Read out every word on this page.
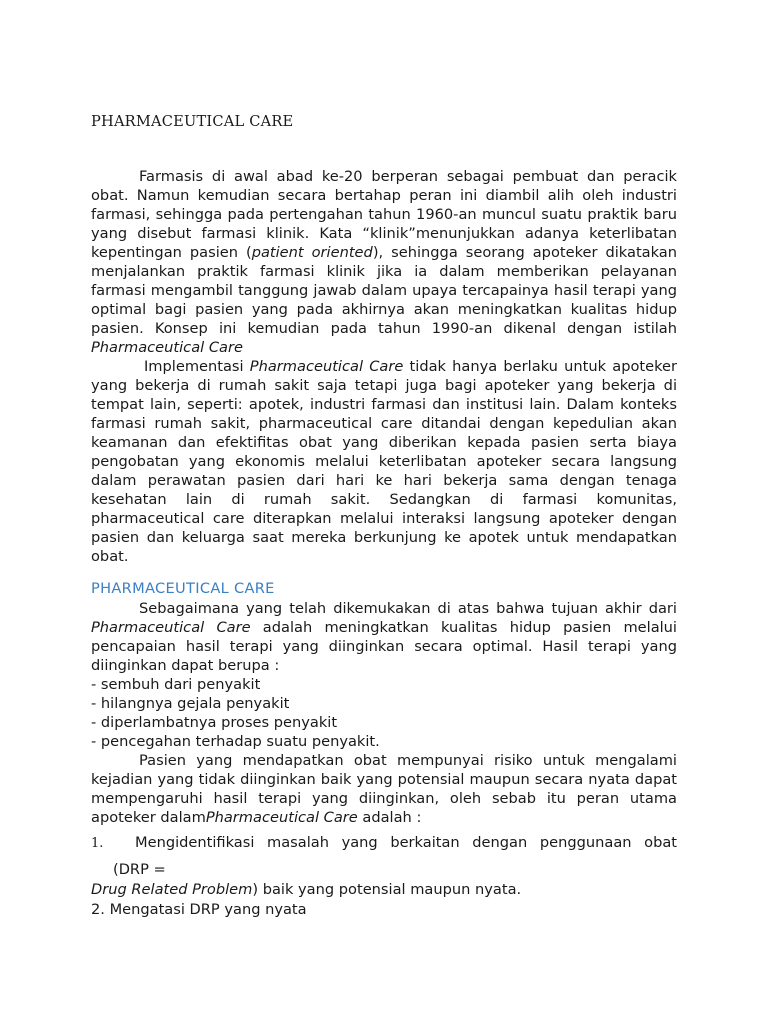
PHARMACEUTICAL CARE

Farmasis di awal abad ke-20 berperan sebagai pembuat dan peracik obat. Namun kemudian secara bertahap peran ini diambil alih oleh industri farmasi, sehingga pada pertengahan tahun 1960-an muncul suatu praktik baru yang disebut farmasi klinik. Kata “klinik”menunjukkan adanya keterlibatan kepentingan pasien (patient oriented), sehingga seorang apoteker dikatakan menjalankan praktik farmasi klinik jika ia dalam memberikan pelayanan farmasi mengambil tanggung jawab dalam upaya tercapainya hasil terapi yang optimal bagi pasien yang pada akhirnya akan meningkatkan kualitas hidup pasien. Konsep ini kemudian pada tahun 1990-an dikenal dengan istilah Pharmaceutical Care

Implementasi Pharmaceutical Care tidak hanya berlaku untuk apoteker yang bekerja di rumah sakit saja tetapi juga bagi apoteker yang bekerja di tempat lain, seperti: apotek, industri farmasi dan institusi lain. Dalam konteks farmasi rumah sakit, pharmaceutical care ditandai dengan kepedulian akan keamanan dan efektifitas obat yang diberikan kepada pasien serta biaya pengobatan yang ekonomis melalui keterlibatan apoteker secara langsung dalam perawatan pasien dari hari ke hari bekerja sama dengan tenaga kesehatan lain di rumah sakit. Sedangkan di farmasi komunitas, pharmaceutical care diterapkan melalui interaksi langsung apoteker dengan pasien dan keluarga saat mereka berkunjung ke apotek untuk mendapatkan obat.

PHARMACEUTICAL CARE

Sebagaimana yang telah dikemukakan di atas bahwa tujuan akhir dari Pharmaceutical Care adalah meningkatkan kualitas hidup pasien melalui pencapaian hasil terapi yang diinginkan secara optimal. Hasil terapi yang diinginkan dapat berupa :

- sembuh dari penyakit
- hilangnya gejala penyakit
- diperlambatnya proses penyakit
- pencegahan terhadap suatu penyakit.

Pasien yang mendapatkan obat mempunyai risiko untuk mengalami kejadian yang tidak diinginkan baik yang potensial maupun secara nyata dapat mempengaruhi hasil terapi yang diinginkan, oleh sebab itu peran utama apoteker dalamPharmaceutical Care adalah :

1. Mengidentifikasi masalah yang berkaitan dengan penggunaan obat

(DRP =

Drug Related Problem) baik yang potensial maupun nyata.

2. Mengatasi DRP yang nyata
